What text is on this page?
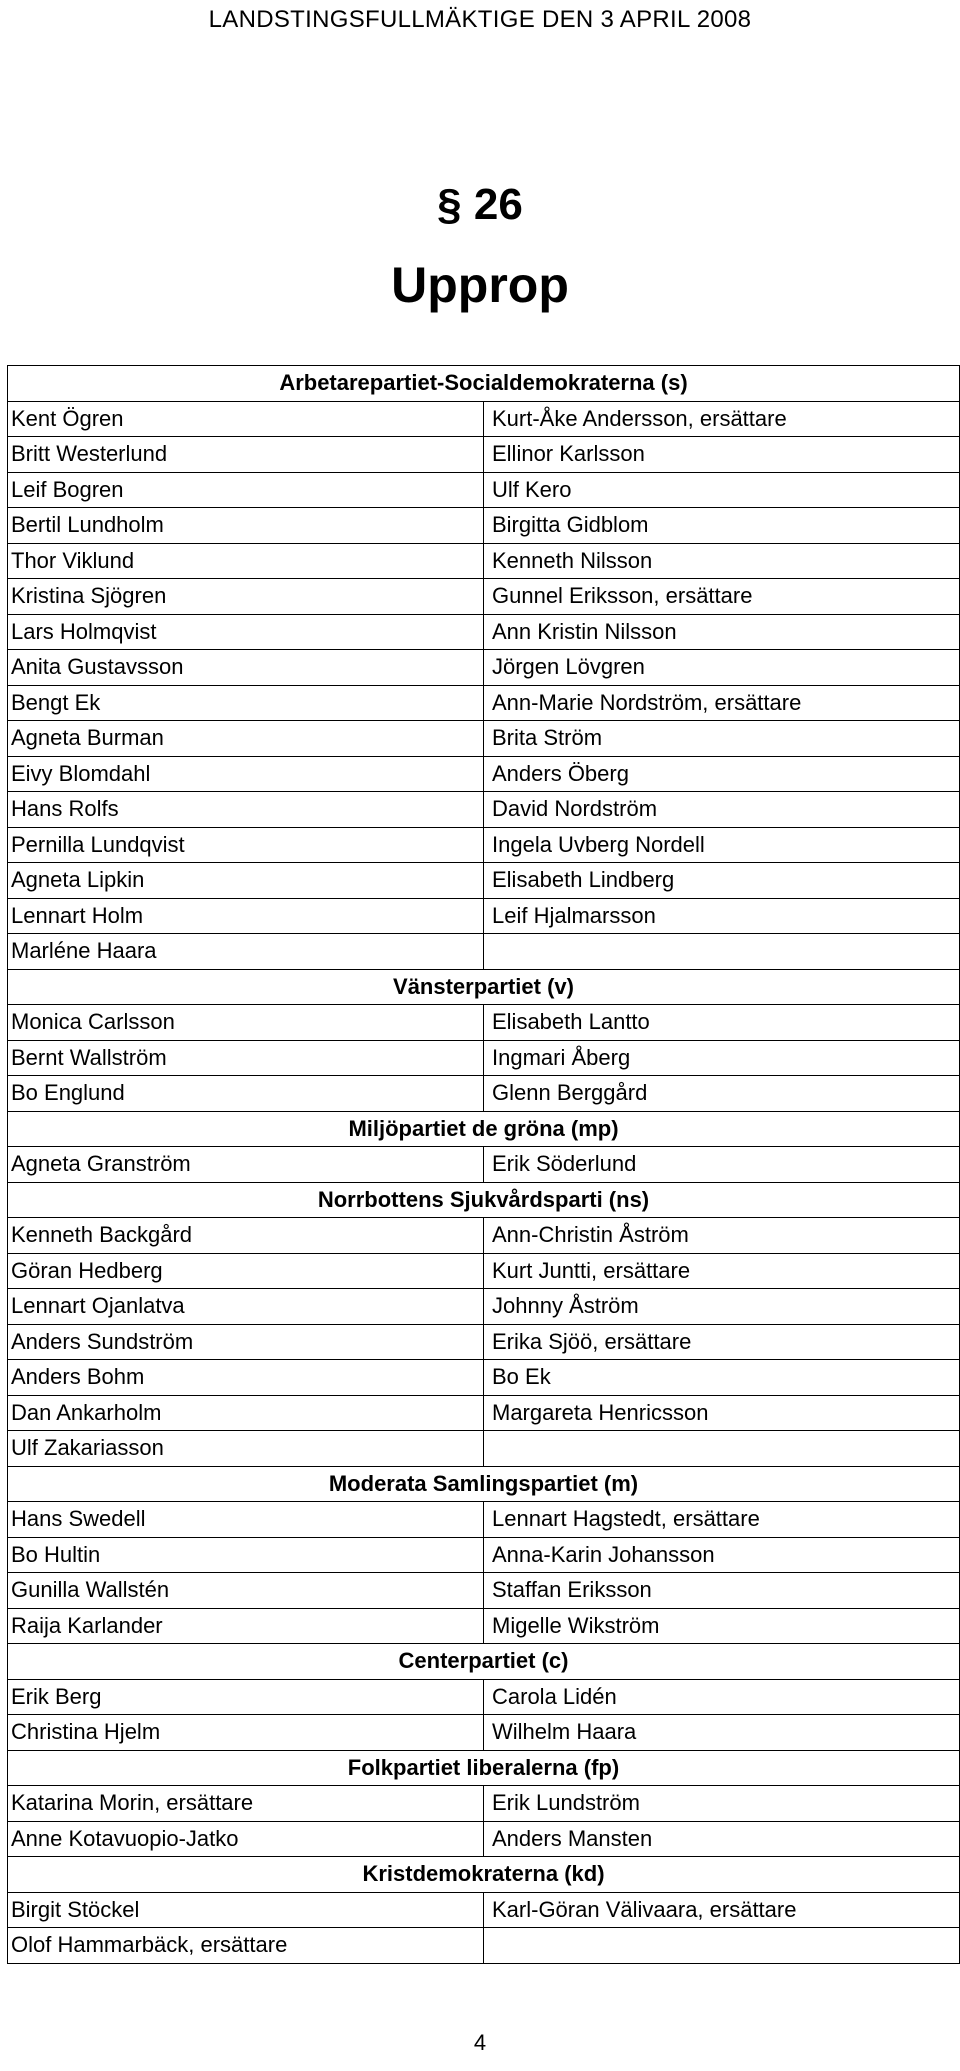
LANDSTINGSFULLMÄKTIGE DEN 3 APRIL 2008
§ 26
Upprop
Arbetarepartiet-Socialdemokraterna (s)	
Kent Ögren	Kurt-Åke Andersson, ersättare
Britt Westerlund	Ellinor Karlsson
Leif Bogren	Ulf Kero
Bertil Lundholm	Birgitta Gidblom
Thor Viklund	Kenneth Nilsson
Kristina Sjögren	Gunnel Eriksson, ersättare
Lars Holmqvist	Ann Kristin Nilsson
Anita Gustavsson	Jörgen Lövgren
Bengt Ek	Ann-Marie Nordström, ersättare
Agneta Burman	Brita Ström
Eivy Blomdahl	Anders Öberg
Hans Rolfs	David Nordström
Pernilla Lundqvist	Ingela Uvberg Nordell
Agneta Lipkin	Elisabeth Lindberg
Lennart Holm	Leif Hjalmarsson
Marléne Haara	
Vänsterpartiet (v)	
Monica Carlsson	Elisabeth Lantto
Bernt Wallström	Ingmari Åberg
Bo Englund	Glenn Berggård
Miljöpartiet de gröna (mp)	
Agneta Granström	Erik Söderlund
Norrbottens Sjukvårdsparti (ns)	
Kenneth Backgård	Ann-Christin Åström
Göran Hedberg	Kurt Juntti, ersättare
Lennart Ojanlatva	Johnny Åström
Anders Sundström	Erika Sjöö, ersättare
Anders Bohm	Bo Ek
Dan Ankarholm	Margareta Henricsson
Ulf Zakariasson	
Moderata Samlingspartiet (m)	
Hans Swedell	Lennart Hagstedt, ersättare
Bo Hultin	Anna-Karin Johansson
Gunilla Wallstén	Staffan Eriksson
Raija Karlander	Migelle Wikström
Centerpartiet (c)	
Erik Berg	Carola Lidén
Christina Hjelm	Wilhelm Haara
Folkpartiet liberalerna (fp)	
Katarina Morin, ersättare	Erik Lundström
Anne Kotavuopio-Jatko	Anders Mansten
Kristdemokraterna (kd)	
Birgit Stöckel	Karl-Göran Välivaara, ersättare
Olof Hammarbäck, ersättare	
4
